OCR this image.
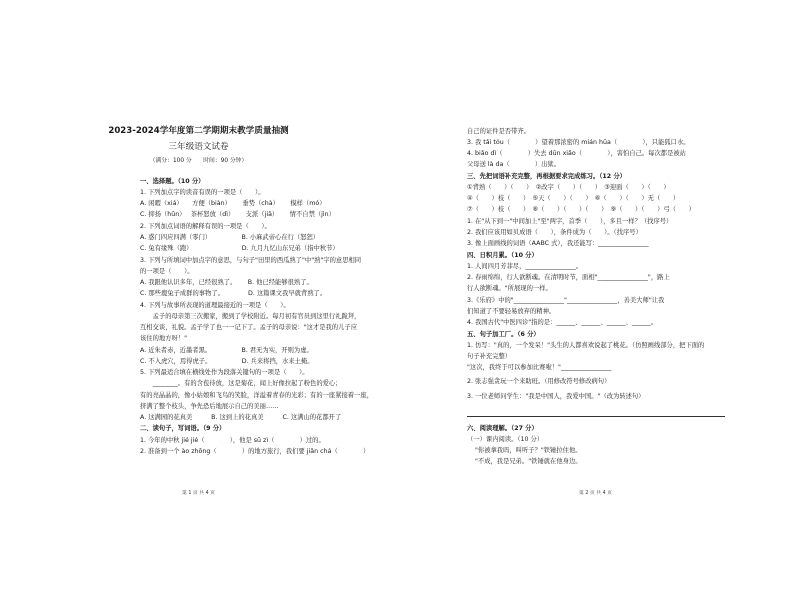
2023-2024学年度第二学期期末教学质量抽测
三年级语文试卷
（满分：100 分　　时间：90 分钟）
一、选择题。（10 分）
1. 下列加点字的读音有误的一项是（　　）。
A. 闲暇（xiá）　　方便（biàn）　　 垂势（chà）　　 模样（mó）
C. 抑扬（hūn）　 茶杯怒放（dì）　　 支派（jiā）　　 情不自禁（jìn）
2. 下列加点词语的解释有误的一项是（　　）。
A. 惑门四应四满（零门）　　　　　 B. 小麻武帝心在行（怒恕）
C. 兔有缘殊（跑）　　　　　　　　 D. 九月九忆山东兄弟（指中秋节）
3. 下列与所填词中加点字的意思，与句子"田里的西瓜熟了"中"熟"字的意思相同
的一项是（　　）。
A. 我跟他认识多年，已经很熟了。　　 B. 他已经能够很熟了。
C. 那些鹿兔子成群的事物了。　　　　 D. 这篇课文我早就背熟了。
4. 下列与故事所表现的道理最接近的一项是（　　）。
　　孟子的母亲第三次搬家，搬到了学校附近。每月初有官员到这里行礼跪拜，
互相交谈，礼貌。孟子学了也一一记下了。孟子的母亲说："这才是我的儿子应
该住的地方呀！"
A. 近朱者赤，近墨者黑。　　　　　 B. 君无为实，开则为虚。
C. 不入虎穴，焉得虎子。　　　　　 D. 兵来将挡，水来土掩。
5. 下列最适合填在横线处作为段落关键句的一项是（　　）。
　　________。有的含苞待放，这是菊花，闻上好像拉起了粉色的爱心；
有的亮晶晶的，像小姑娘和飞鸟的笑脸，洋溢着青春的光彩；有的一座紧接着一座，
挤满了整个枝头，争先恐后地展示自己的美丽……
A. 这满园的花真美　　　B. 这到上的花真美　　　C. 这满山的花都开了
二、读句子，写词语。（9 分）
1. 今年的中秋 jié jié（　　　　），他是 sū zì（　　　　）过的。
2. 准备到一个 ào zhōng（　　　　）的地方旅行，我们要 jiǎn chá（　　　　）
第 1 页 共 4 页
自己的证件是否带齐。
3. 我 tǎi tóu（　　　　）望着那浓密的 mián hūa（　　　　），只能狐口水。
4. biǎo dì（　　　　）失去 dūn xiǎo（　　　　），害怕自己。每次都是被站
父母送 là da（　　　　）出狱。
三、先把词语补充完整，再根据要求完成练习。（12 分）
①背熟（　　）（　　）　②改字（　　）（　　）　③迎面（　　）（　　）
④（　　）枝（　　）　⑤天（　　）（　　）　⑥（　　）（　　）无（　　）
⑦（　　）枝（　　）　⑧（　　）（　　）（　　）　⑨（　　）（　　）弓（　　）
1. 在"从下到一"中间加上"至"两字，首季（　　），多且一样？（找序号）
2. 我们应该用如贝成语（　　），条件成为（　　）。（找序号）
3. 像上面画线的词语（AABC 式），我还能写：________________
四、日积月累。（10 分）
1. 人间四月芳菲尽，________________。
2. 春雨绵绵，行人欲断魂。在清明时节，面相"________________"，路上
行人欲断魂。"所展现的一样。
3.《乐府》中的"________________"________________，善美大师"让我
们知道了不要轻易放弃的精神。
4. 我国古代"中医四诊"指的是：______、______、______、______。
五、句子加工厂。（6 分）
1. 仿写："真的，一个发呆！"头生的人都喜欢说起了桃花。（仿照画线部分，把下面的
句子补充完整）
"这次，我终于可以参加比赛啦！"________________
2. 张志强贪玩一个来助班。（用修改符号修改病句）
3. 一位老师问学生："我是中国人，我爱中国。"（改为转述句）
六、阅读理解。（27 分）
（一）课内阅读。（10 分）
"你被拿我吗，叫听子？"铁锤拉住他。
"不成，我是兄弟。"铁锤就在他身边。
第 2 页 共 4 页
